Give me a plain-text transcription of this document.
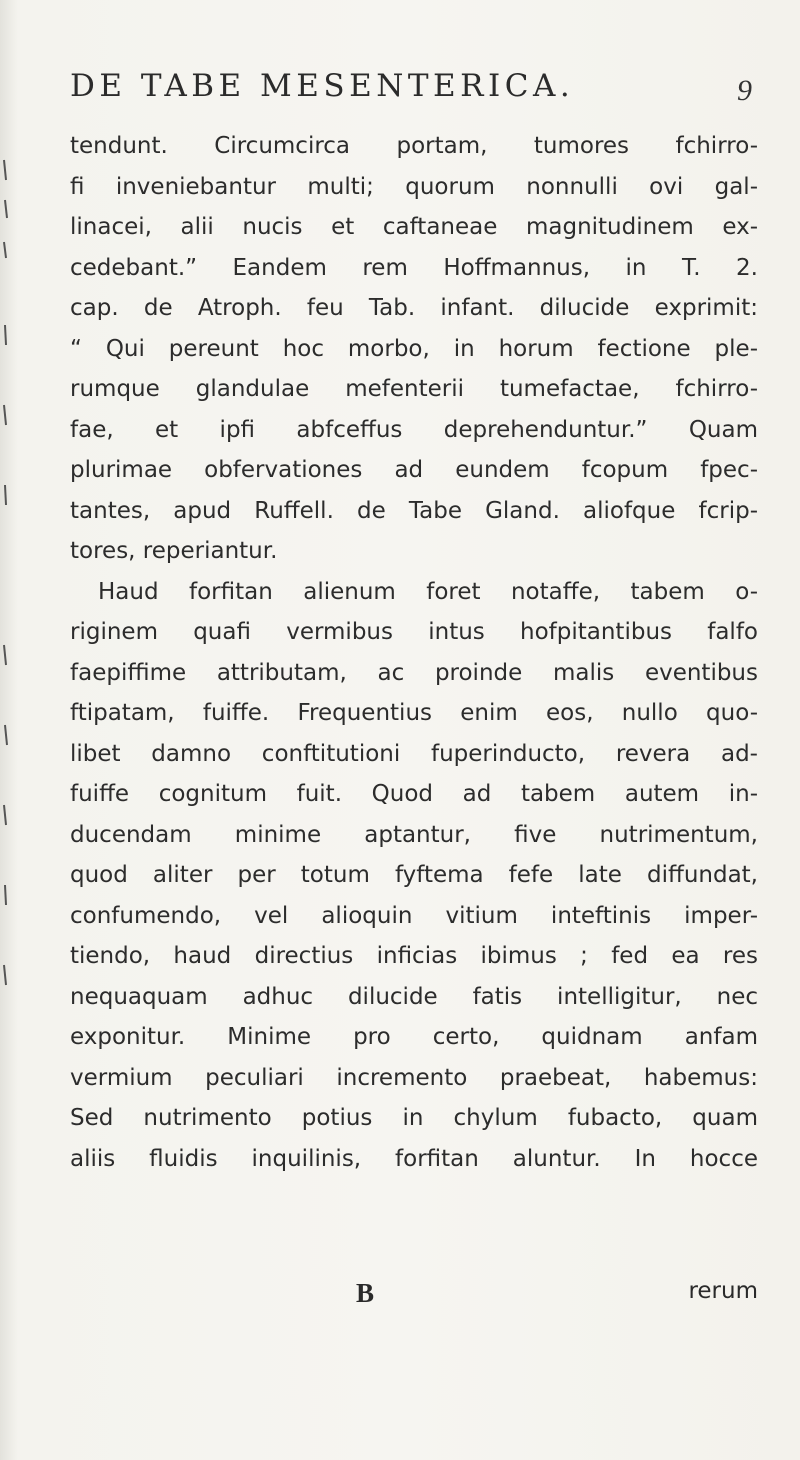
DE TABE MESENTERICA.	9
tendunt. Circumcirca portam, tumores fchirro-
fi inveniebantur multi; quorum nonnulli ovi gal-
linacei, alii nucis et caftaneae magnitudinem ex-
cedebant.” Eandem rem Hoffmannus, in T. 2.
cap. de Atroph. feu Tab. infant. dilucide exprimit:
“ Qui pereunt hoc morbo, in horum fectione ple-
rumque glandulae mefenterii tumefactae, fchirro-
fae, et ipfi abfceffus deprehenduntur.” Quam
plurimae obfervationes ad eundem fcopum fpec-
tantes, apud Ruffell. de Tabe Gland. aliofque fcrip-
tores, reperiantur.
Haud forfitan alienum foret notaffe, tabem o-
riginem quafi vermibus intus hofpitantibus falfo
faepiffime attributam, ac proinde malis eventibus
ftipatam, fuiffe. Frequentius enim eos, nullo quo-
libet damno conftitutioni fuperinducto, revera ad-
fuiffe cognitum fuit. Quod ad tabem autem in-
ducendam minime aptantur, five nutrimentum,
quod aliter per totum fyftema fefe late diffundat,
confumendo, vel alioquin vitium inteftinis imper-
tiendo, haud directius inficias ibimus ; fed ea res
nequaquam adhuc dilucide fatis intelligitur, nec
exponitur. Minime pro certo, quidnam anfam
vermium peculiari incremento praebeat, habemus:
Sed nutrimento potius in chylum fubacto, quam
aliis fluidis inquilinis, forfitan aluntur. In hocce
B	rerum
